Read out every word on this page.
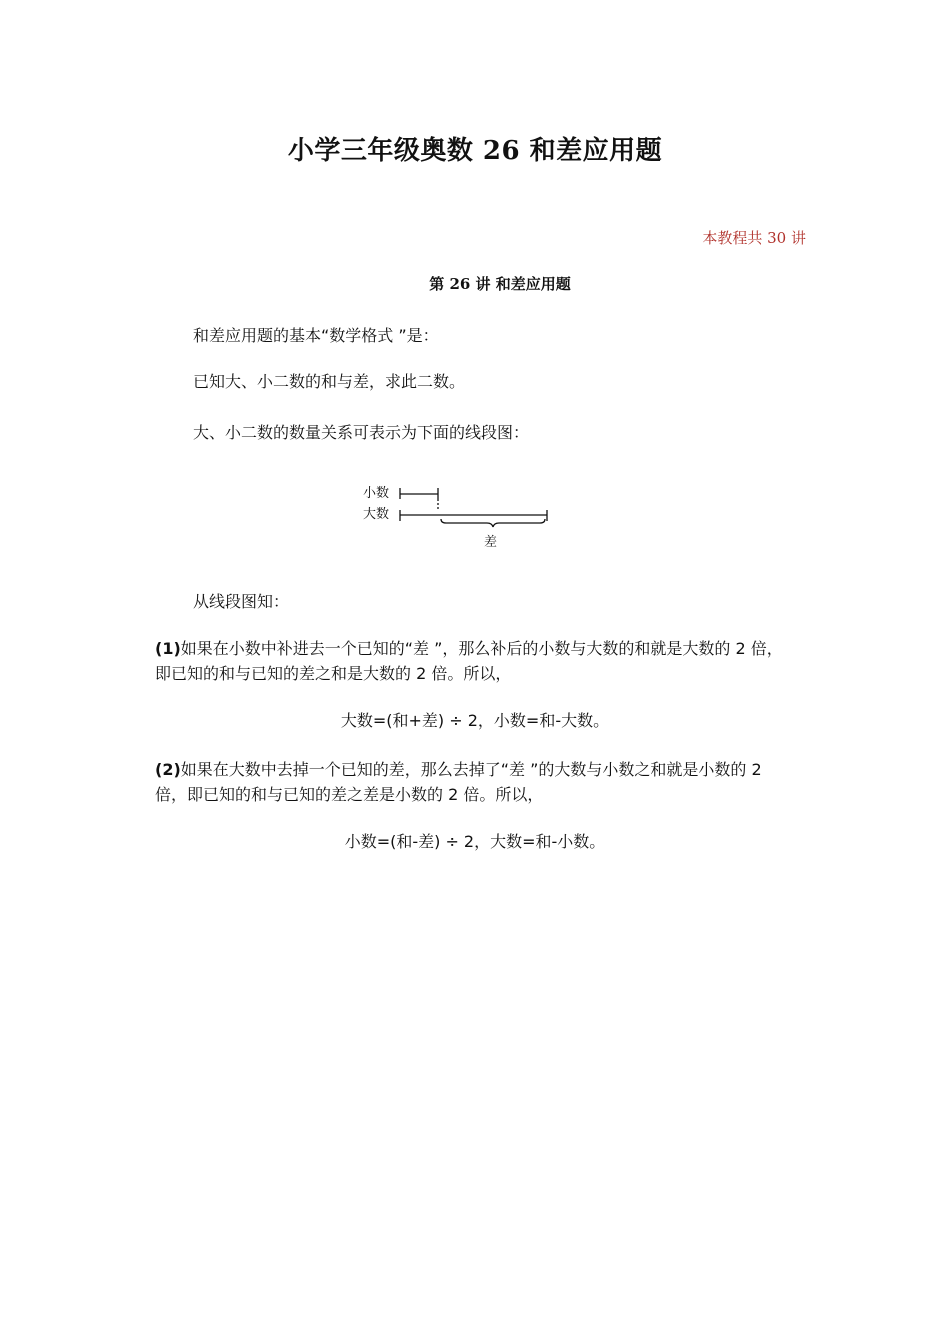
小学三年级奥数 26 和差应用题
本教程共 30 讲
第 26 讲 和差应用题

和差应用题的基本“数学格式 ”是：

已知大、小二数的和与差，求此二数。

大、小二数的数量关系可表示为下面的线段图：

小数
大数
差

从线段图知：

(1)如果在小数中补进去一个已知的“差 ”，那么补后的小数与大数的和就是大数的 2 倍，即已知的和与已知的差之和是大数的 2 倍。所以，

大数=(和+差) ÷ 2，小数=和-大数。

(2)如果在大数中去掉一个已知的差，那么去掉了“差 ”的大数与小数之和就是小数的 2 倍，即已知的和与已知的差之差是小数的 2 倍。所以，

小数=(和-差) ÷ 2，大数=和-小数。
